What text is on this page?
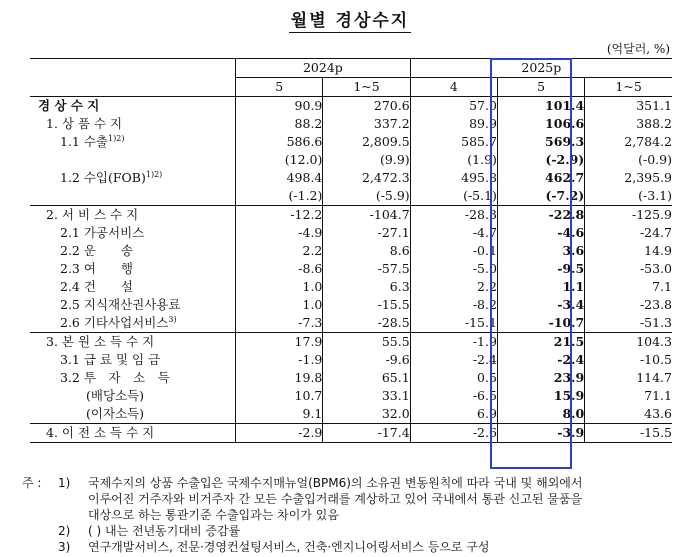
월별 경상수지
(억달러, %)
	2024p		2025p		
	5	1~5	4	5	1~5
경 상 수 지	90.9	270.6	57.0	101.4	351.1
1. 상 품 수 지	88.2	337.2	89.9	106.6	388.2
1.1 수출$^{1)2)}$	586.6	2,809.5	585.7	569.3	2,784.2
	(12.0)	(9.9)	(1.9)	(-2.9)	(-0.9)
1.2 수입(FOB)$^{1)2)}$	498.4	2,472.3	495.8	462.7	2,395.9
	(-1.2)	(-5.9)	(-5.1)	(-7.2)	(-3.1)
2. 서 비 스 수 지	-12.2	-104.7	-28.3	-22.8	-125.9
2.1 가공서비스	-4.9	-27.1	-4.7	-4.6	-24.7
2.2 운　　송	2.2	8.6	-0.1	3.6	14.9
2.3 여　　행	-8.6	-57.5	-5.0	-9.5	-53.0
2.4 건　　설	1.0	6.3	2.2	1.1	7.1
2.5 지식재산권사용료	1.0	-15.5	-8.2	-3.4	-23.8
2.6 기타사업서비스$^{3)}$	-7.3	-28.5	-15.1	-10.7	-51.3
3. 본 원 소 득 수 지	17.9	55.5	-1.9	21.5	104.3
3.1 급 료 및 임 금	-1.9	-9.6	-2.4	-2.4	-10.5
3.2 투　자　소　득	19.8	65.1	0.5	23.9	114.7
(배당소득)	10.7	33.1	-6.5	15.9	71.1
(이자소득)	9.1	32.0	6.9	8.0	43.6
4. 이 전 소 득 수 지	-2.9	-17.4	-2.6	-3.9	-15.5
주 : 1) 국제수지의 상품 수출입은 국제수지매뉴얼(BPM6)의 소유권 변동원칙에 따라 국내 및 해외에서
이루어진 거주자와 비거주자 간 모든 수출입거래를 계상하고 있어 국내에서 통관 신고된 물품을
대상으로 하는 통관기준 수출입과는 차이가 있음
2) ( ) 내는 전년동기대비 증감률
3) 연구개발서비스, 전문·경영컨설팅서비스, 건축·엔지니어링서비스 등으로 구성
